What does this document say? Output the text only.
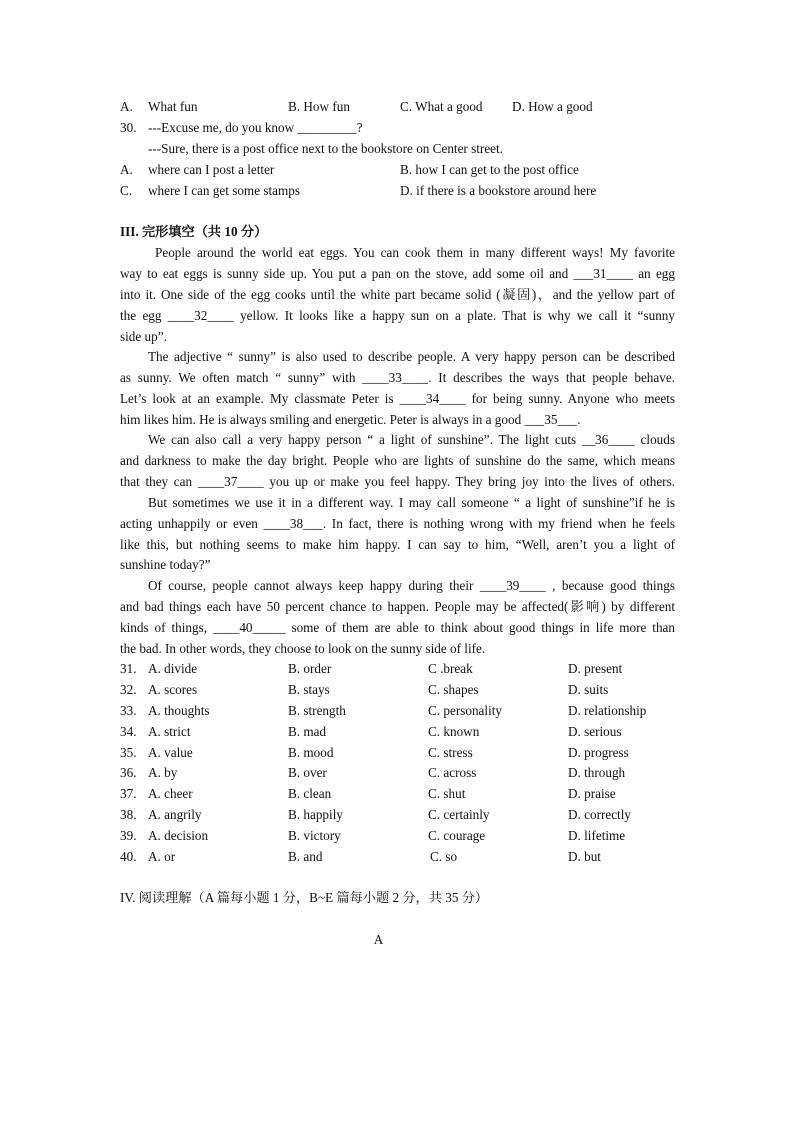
A. What fun	B. How fun	C. What a good D. How a good
30. ---Excuse me, do you know _________?
---Sure, there is a post office next to the bookstore on Center street.
A. where can I post a letter	B. how I can get to the post office
C. where I can get some stamps	D. if there is a bookstore around here
III. 完形填空（共 10 分）
People around the world eat eggs. You can cook them in many different ways! My favorite
way to eat eggs is sunny side up. You put a pan on the stove, add some oil and ___31____ an egg
into it. One side of the egg cooks until the white part became solid (凝固)，and the yellow part of
the egg ____32____ yellow. It looks like a happy sun on a plate. That is why we call it “sunny
side up”.
The adjective “ sunny” is also used to describe people. A very happy person can be described
as sunny. We often match “ sunny” with ____33____. It describes the ways that people behave.
Let’s look at an example. My classmate Peter is ____34____ for being sunny. Anyone who meets
him likes him. He is always smiling and energetic. Peter is always in a good ___35___.
We can also call a very happy person “ a light of sunshine”. The light cuts __36____ clouds
and darkness to make the day bright. People who are lights of sunshine do the same, which means
that they can ____37____ you up or make you feel happy. They bring joy into the lives of others.
But sometimes we use it in a different way. I may call someone “ a light of sunshine”if he is
acting unhappily or even ____38___. In fact, there is nothing wrong with my friend when he feels
like this, but nothing seems to make him happy. I can say to him, “Well, aren’t you a light of
sunshine today?”
Of course, people cannot always keep happy during their ____39____ , because good things
and bad things each have 50 percent chance to happen. People may be affected(影响) by different
kinds of things, ____40_____ some of them are able to think about good things in life more than
the bad. In other words, they choose to look on the sunny side of life.
31. A. divide	B. order	C .break	D. present
32. A. scores	B. stays	C. shapes	D. suits
33. A. thoughts	B. strength	C. personality	D. relationship
34. A. strict	B. mad	C. known	D. serious
35. A. value	B. mood	C. stress	D. progress
36. A. by	B. over	C. across	D. through
37. A. cheer	B. clean	C. shut	D. praise
38. A. angrily	B. happily	C. certainly	D. correctly
39. A. decision	B. victory	C. courage	D. lifetime
40. A. or	B. and	C. so	D. but
IV. 阅读理解（A 篇每小题 1 分，B~E 篇每小题 2 分，共 35 分）
A
